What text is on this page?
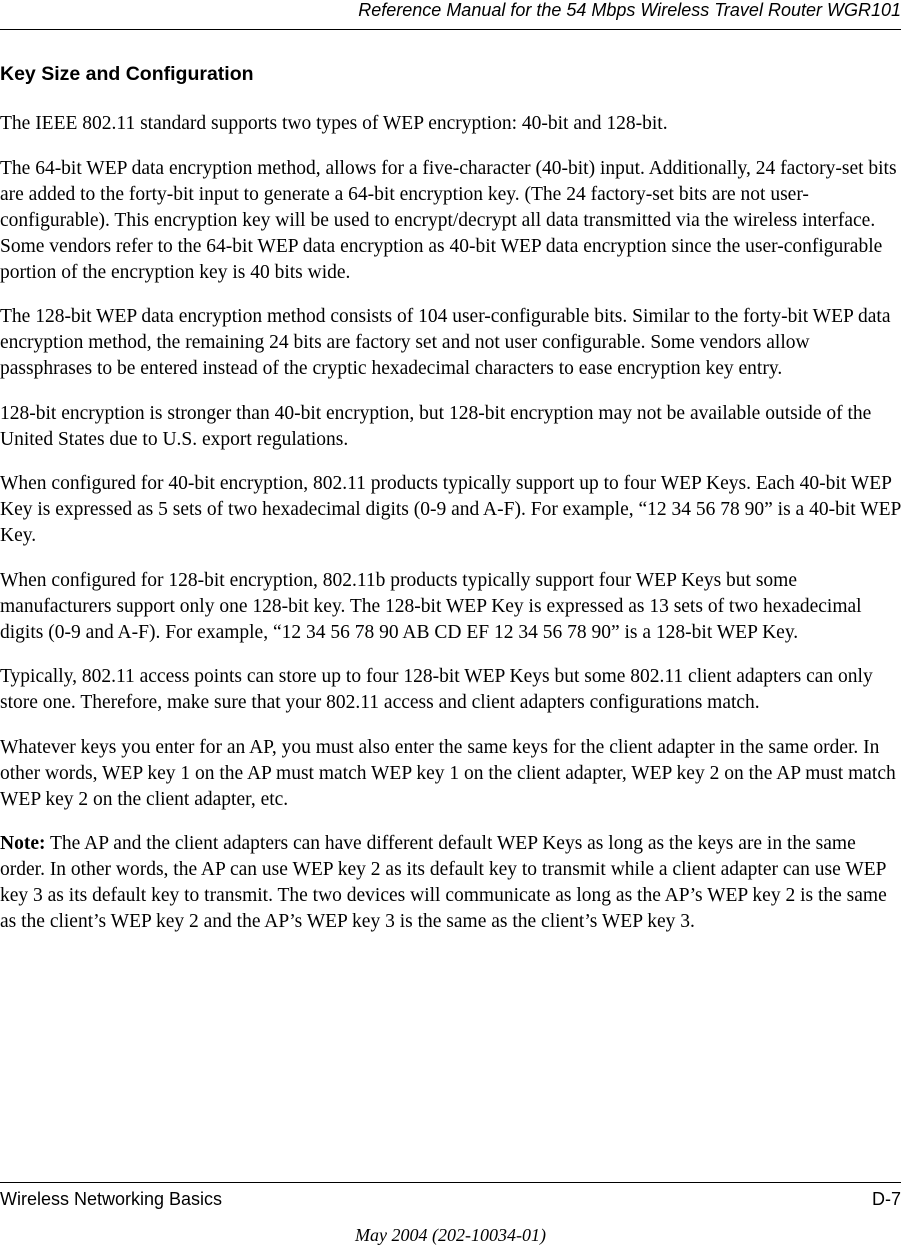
Reference Manual for the 54 Mbps Wireless Travel Router WGR101
Key Size and Configuration

The IEEE 802.11 standard supports two types of WEP encryption: 40-bit and 128-bit.

The 64-bit WEP data encryption method, allows for a five-character (40-bit) input. Additionally, 24 factory-set bits are added to the forty-bit input to generate a 64-bit encryption key. (The 24 factory-set bits are not user-configurable). This encryption key will be used to encrypt/decrypt all data transmitted via the wireless interface. Some vendors refer to the 64-bit WEP data encryption as 40-bit WEP data encryption since the user-configurable portion of the encryption key is 40 bits wide.

The 128-bit WEP data encryption method consists of 104 user-configurable bits. Similar to the forty-bit WEP data encryption method, the remaining 24 bits are factory set and not user configurable. Some vendors allow passphrases to be entered instead of the cryptic hexadecimal characters to ease encryption key entry.

128-bit encryption is stronger than 40-bit encryption, but 128-bit encryption may not be available outside of the United States due to U.S. export regulations.

When configured for 40-bit encryption, 802.11 products typically support up to four WEP Keys. Each 40-bit WEP Key is expressed as 5 sets of two hexadecimal digits (0-9 and A-F). For example, “12 34 56 78 90” is a 40-bit WEP Key.

When configured for 128-bit encryption, 802.11b products typically support four WEP Keys but some manufacturers support only one 128-bit key. The 128-bit WEP Key is expressed as 13 sets of two hexadecimal digits (0-9 and A-F). For example, “12 34 56 78 90 AB CD EF 12 34 56 78 90” is a 128-bit WEP Key.

Typically, 802.11 access points can store up to four 128-bit WEP Keys but some 802.11 client adapters can only store one. Therefore, make sure that your 802.11 access and client adapters configurations match.

Whatever keys you enter for an AP, you must also enter the same keys for the client adapter in the same order. In other words, WEP key 1 on the AP must match WEP key 1 on the client adapter, WEP key 2 on the AP must match WEP key 2 on the client adapter, etc.

Note: The AP and the client adapters can have different default WEP Keys as long as the keys are in the same order. In other words, the AP can use WEP key 2 as its default key to transmit while a client adapter can use WEP key 3 as its default key to transmit. The two devices will communicate as long as the AP’s WEP key 2 is the same as the client’s WEP key 2 and the AP’s WEP key 3 is the same as the client’s WEP key 3.

Wireless Networking Basics	D-7
May 2004 (202-10034-01)
